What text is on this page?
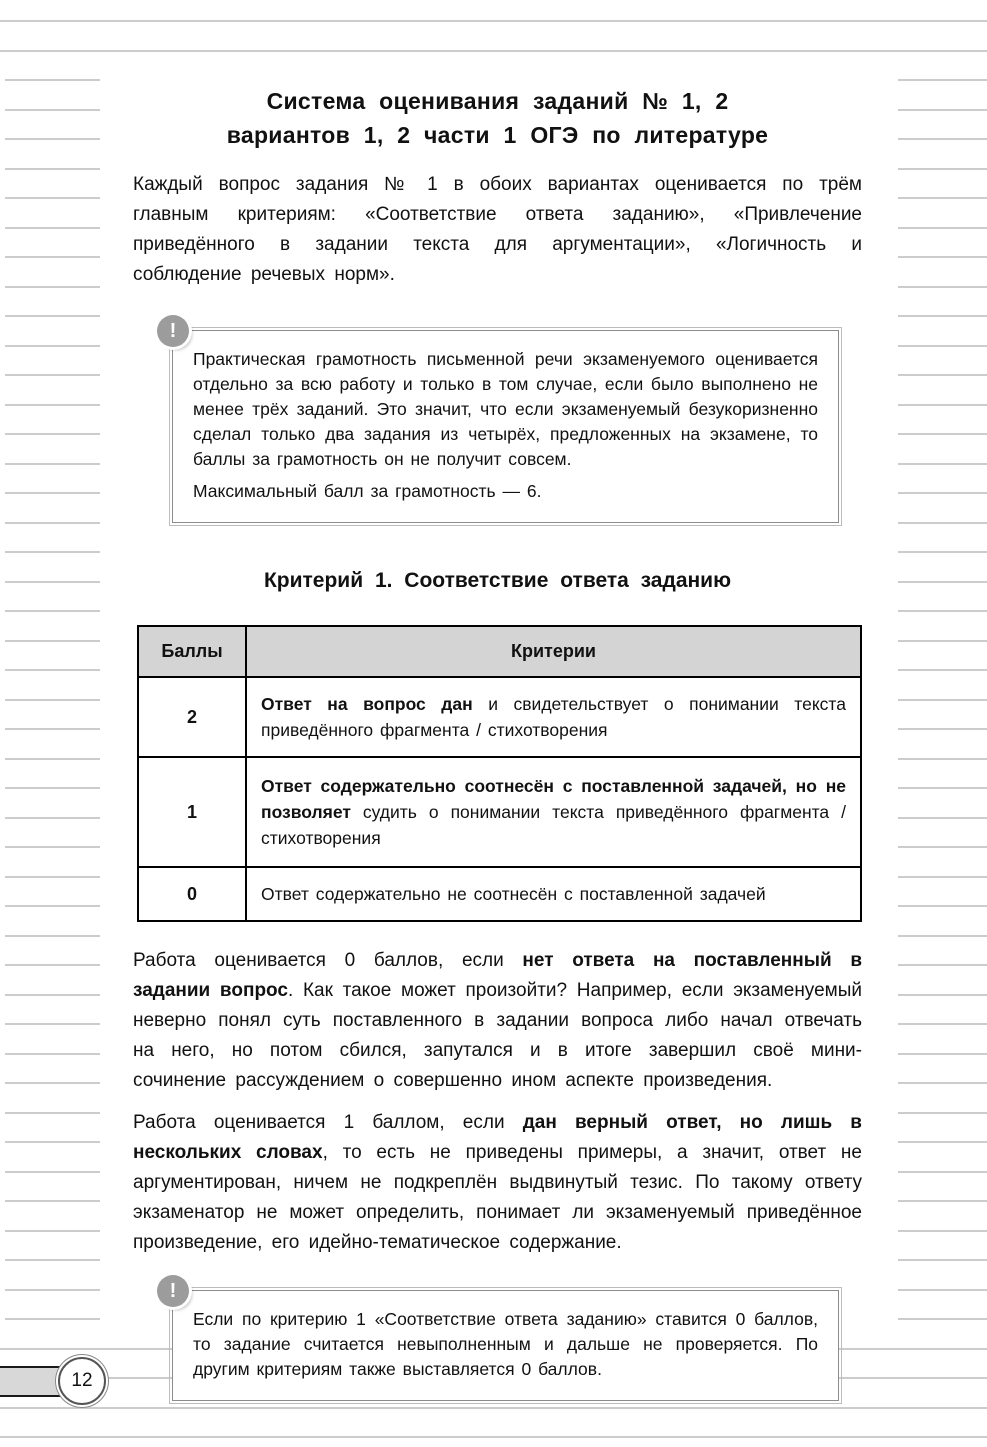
Система оценивания заданий № 1, 2
вариантов 1, 2 части 1 ОГЭ по литературе

Каждый вопрос задания № 1 в обоих вариантах оценивается по трём главным критериям: «Соответствие ответа заданию», «Привлечение приведённого в задании текста для аргументации», «Логичность и соблюдение речевых норм».

!

Практическая грамотность письменной речи экзаменуемого оценивается отдельно за всю работу и только в том случае, если было выполнено не менее трёх заданий. Это значит, что если экзаменуемый безукоризненно сделал только два задания из четырёх, предложенных на экзамене, то баллы за грамотность он не получит совсем.

Максимальный балл за грамотность — 6.

Критерий 1. Соответствие ответа заданию
Баллы	Критерии
2	Ответ на вопрос дан и свидетельствует о понимании текста приведённого фрагмента / стихотворения
1	Ответ содержательно соотнесён с поставленной задачей, но не позволяет судить о понимании текста приведённого фрагмента / стихотворения
0	Ответ содержательно не соотнесён с поставленной задачей

Работа оценивается 0 баллов, если нет ответа на поставленный в задании вопрос. Как такое может произойти? Например, если экзаменуемый неверно понял суть поставленного в задании вопроса либо начал отвечать на него, но потом сбился, запутался и в итоге завершил своё мини-сочинение рассуждением о совершенно ином аспекте произведения.

Работа оценивается 1 баллом, если дан верный ответ, но лишь в нескольких словах, то есть не приведены примеры, а значит, ответ не аргументирован, ничем не подкреплён выдвинутый тезис. По такому ответу экзаменатор не может определить, понимает ли экзаменуемый приведённое произведение, его идейно-тематическое содержание.

!

Если по критерию 1 «Соответствие ответа заданию» ставится 0 баллов, то задание считается невыполненным и дальше не проверяется. По другим критериям также выставляется 0 баллов.

12
